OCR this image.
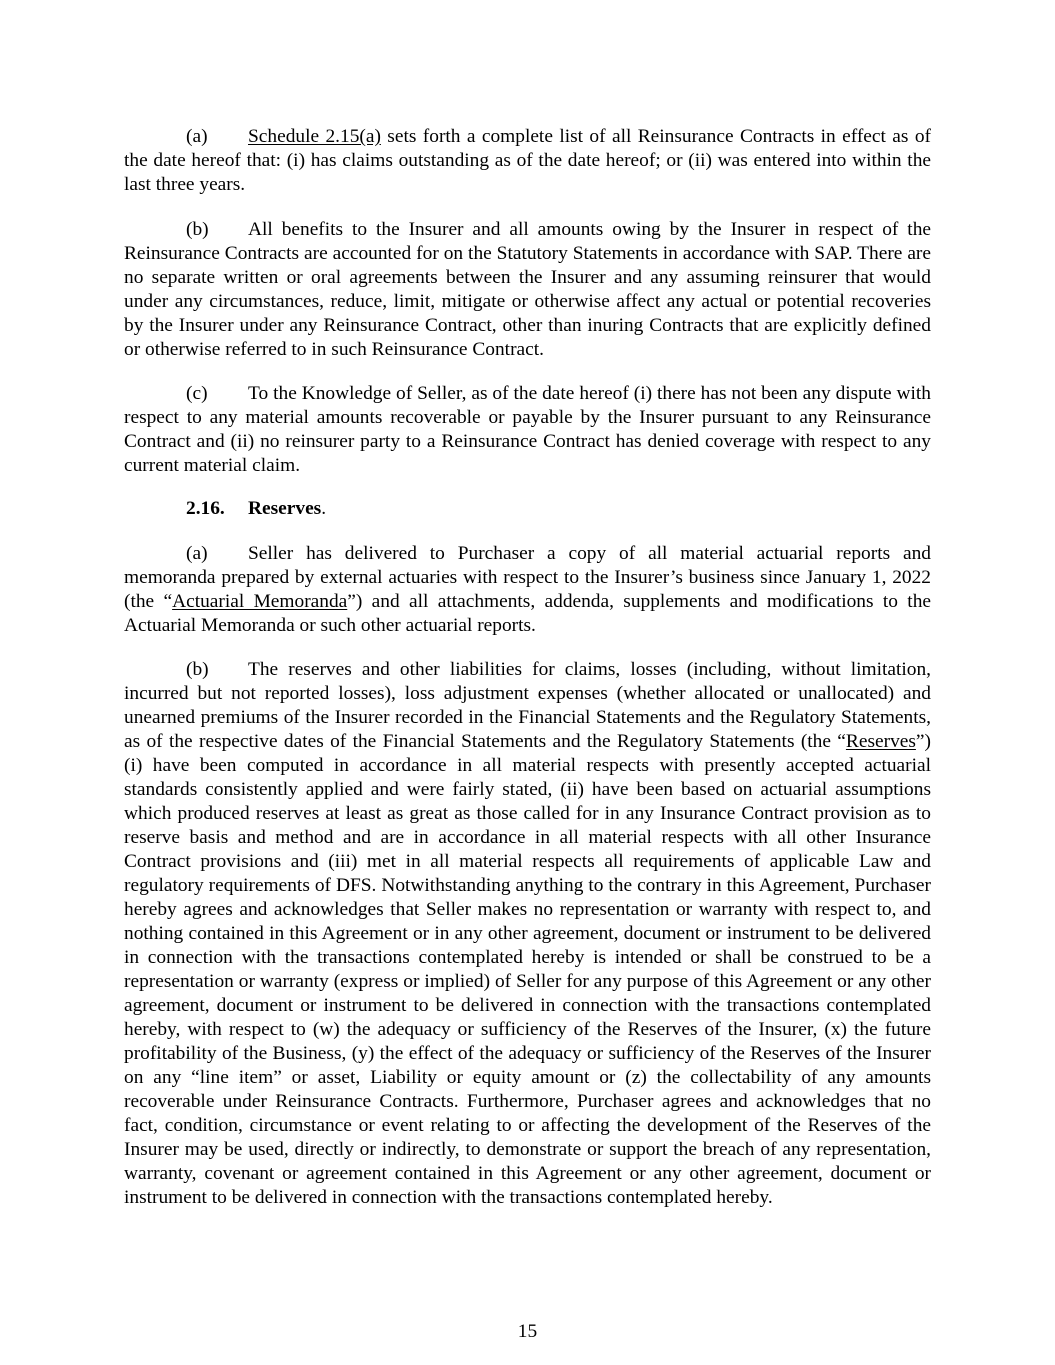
(a) Schedule 2.15(a) sets forth a complete list of all Reinsurance Contracts in effect as of the date hereof that: (i) has claims outstanding as of the date hereof; or (ii) was entered into within the last three years.
(b) All benefits to the Insurer and all amounts owing by the Insurer in respect of the Reinsurance Contracts are accounted for on the Statutory Statements in accordance with SAP. There are no separate written or oral agreements between the Insurer and any assuming reinsurer that would under any circumstances, reduce, limit, mitigate or otherwise affect any actual or potential recoveries by the Insurer under any Reinsurance Contract, other than inuring Contracts that are explicitly defined or otherwise referred to in such Reinsurance Contract.
(c) To the Knowledge of Seller, as of the date hereof (i) there has not been any dispute with respect to any material amounts recoverable or payable by the Insurer pursuant to any Reinsurance Contract and (ii) no reinsurer party to a Reinsurance Contract has denied coverage with respect to any current material claim.
2.16. Reserves.
(a) Seller has delivered to Purchaser a copy of all material actuarial reports and memoranda prepared by external actuaries with respect to the Insurer’s business since January 1, 2022 (the “Actuarial Memoranda”) and all attachments, addenda, supplements and modifications to the Actuarial Memoranda or such other actuarial reports.
(b) The reserves and other liabilities for claims, losses (including, without limitation, incurred but not reported losses), loss adjustment expenses (whether allocated or unallocated) and unearned premiums of the Insurer recorded in the Financial Statements and the Regulatory Statements, as of the respective dates of the Financial Statements and the Regulatory Statements (the “Reserves”) (i) have been computed in accordance in all material respects with presently accepted actuarial standards consistently applied and were fairly stated, (ii) have been based on actuarial assumptions which produced reserves at least as great as those called for in any Insurance Contract provision as to reserve basis and method and are in accordance in all material respects with all other Insurance Contract provisions and (iii) met in all material respects all requirements of applicable Law and regulatory requirements of DFS. Notwithstanding anything to the contrary in this Agreement, Purchaser hereby agrees and acknowledges that Seller makes no representation or warranty with respect to, and nothing contained in this Agreement or in any other agreement, document or instrument to be delivered in connection with the transactions contemplated hereby is intended or shall be construed to be a representation or warranty (express or implied) of Seller for any purpose of this Agreement or any other agreement, document or instrument to be delivered in connection with the transactions contemplated hereby, with respect to (w) the adequacy or sufficiency of the Reserves of the Insurer, (x) the future profitability of the Business, (y) the effect of the adequacy or sufficiency of the Reserves of the Insurer on any “line item” or asset, Liability or equity amount or (z) the collectability of any amounts recoverable under Reinsurance Contracts. Furthermore, Purchaser agrees and acknowledges that no fact, condition, circumstance or event relating to or affecting the development of the Reserves of the Insurer may be used, directly or indirectly, to demonstrate or support the breach of any representation, warranty, covenant or agreement contained in this Agreement or any other agreement, document or instrument to be delivered in connection with the transactions contemplated hereby.
15
